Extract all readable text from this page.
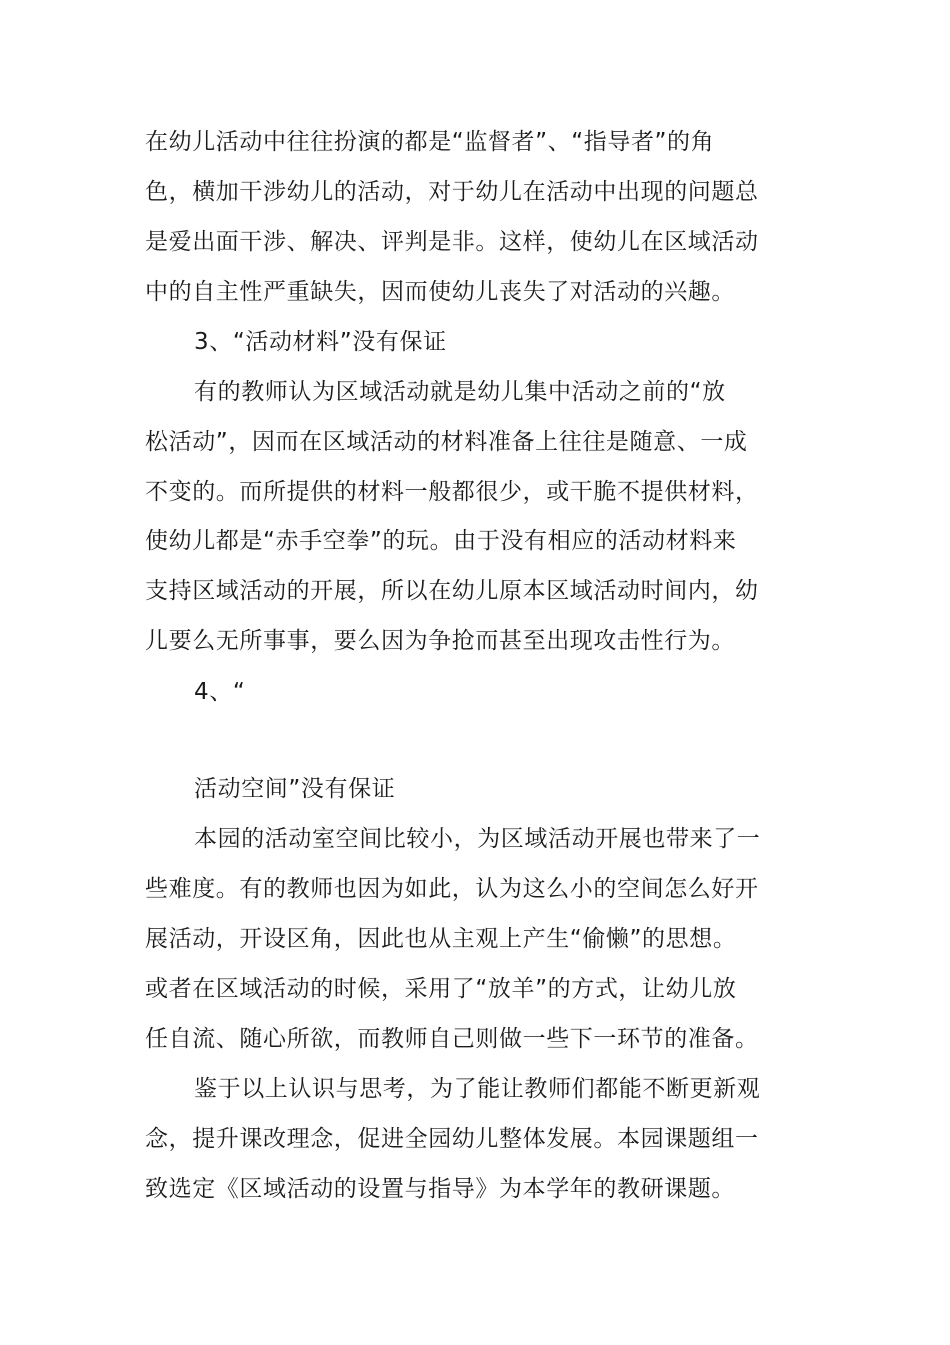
在幼儿活动中往往扮演的都是“监督者”、“指导者”的角

色，横加干涉幼儿的活动，对于幼儿在活动中出现的问题总

是爱出面干涉、解决、评判是非。这样，使幼儿在区域活动

中的自主性严重缺失，因而使幼儿丧失了对活动的兴趣。

3、“活动材料”没有保证

有的教师认为区域活动就是幼儿集中活动之前的“放

松活动”，因而在区域活动的材料准备上往往是随意、一成

不变的。而所提供的材料一般都很少，或干脆不提供材料，

使幼儿都是“赤手空拳”的玩。由于没有相应的活动材料来

支持区域活动的开展，所以在幼儿原本区域活动时间内，幼

儿要么无所事事，要么因为争抢而甚至出现攻击性行为。

4、“

活动空间”没有保证

本园的活动室空间比较小，为区域活动开展也带来了一

些难度。有的教师也因为如此，认为这么小的空间怎么好开

展活动，开设区角，因此也从主观上产生“偷懒”的思想。

或者在区域活动的时候，采用了“放羊”的方式，让幼儿放

任自流、随心所欲，而教师自己则做一些下一环节的准备。

鉴于以上认识与思考，为了能让教师们都能不断更新观

念，提升课改理念，促进全园幼儿整体发展。本园课题组一

致选定《区域活动的设置与指导》为本学年的教研课题。
